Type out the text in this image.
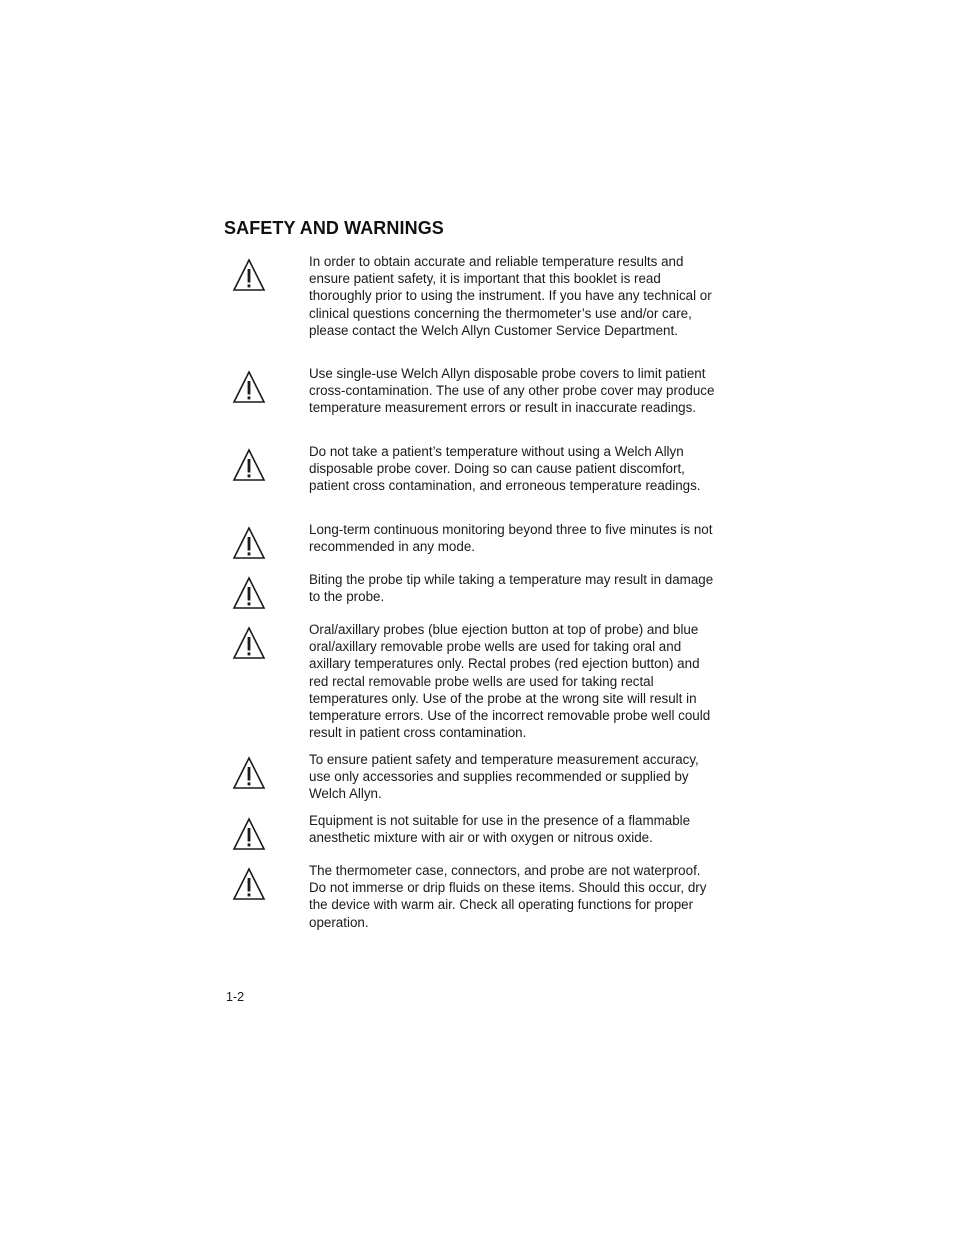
SAFETY AND WARNINGS

In order to obtain accurate and reliable temperature results and ensure patient safety, it is important that this booklet is read thoroughly prior to using the instrument. If you have any technical or clinical questions concerning the thermometer’s use and/or care, please contact the Welch Allyn Customer Service Department.

Use single-use Welch Allyn disposable probe covers to limit patient cross-contamination. The use of any other probe cover may produce temperature measurement errors or result in inaccurate readings.

Do not take a patient’s temperature without using a Welch Allyn disposable probe cover. Doing so can cause patient discomfort, patient cross contamination, and erroneous temperature readings.

Long-term continuous monitoring beyond three to five minutes is not recommended in any mode.

Biting the probe tip while taking a temperature may result in damage to the probe.

Oral/axillary probes (blue ejection button at top of probe) and blue oral/axillary removable probe wells are used for taking oral and axillary temperatures only. Rectal probes (red ejection button) and red rectal removable probe wells are used for taking rectal temperatures only. Use of the probe at the wrong site will result in temperature errors. Use of the incorrect removable probe well could result in patient cross contamination.

To ensure patient safety and temperature measurement accuracy, use only accessories and supplies recommended or supplied by Welch Allyn.

Equipment is not suitable for use in the presence of a flammable anesthetic mixture with air or with oxygen or nitrous oxide.

The thermometer case, connectors, and probe are not waterproof. Do not immerse or drip fluids on these items. Should this occur, dry the device with warm air. Check all operating functions for proper operation.

1-2
